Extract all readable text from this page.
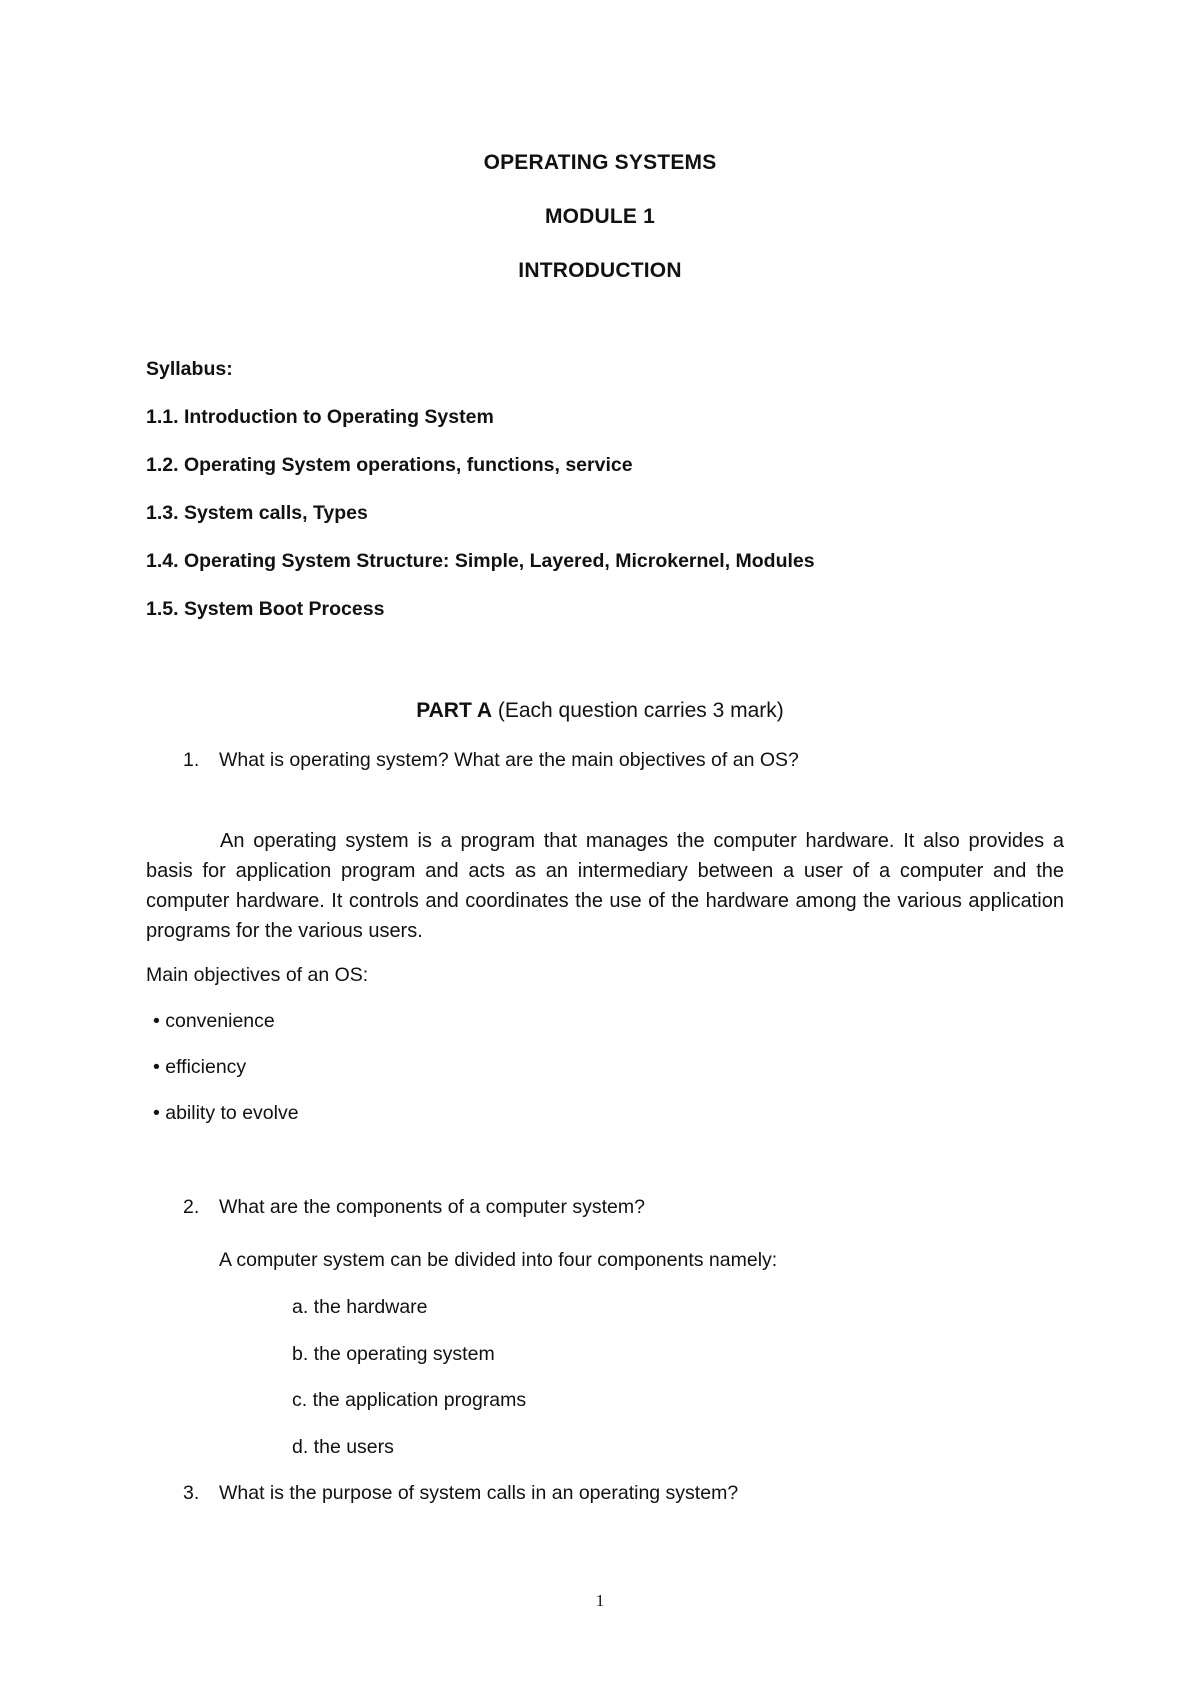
OPERATING SYSTEMS
MODULE 1
INTRODUCTION
Syllabus:
1.1. Introduction to Operating System
1.2. Operating System operations, functions, service
1.3. System calls, Types
1.4. Operating System Structure: Simple, Layered, Microkernel, Modules
1.5. System Boot Process
PART A (Each question carries 3 mark)
1. What is operating system? What are the main objectives of an OS?
An operating system is a program that manages the computer hardware. It also provides a basis for application program and acts as an intermediary between a user of a computer and the computer hardware. It controls and coordinates the use of the hardware among the various application programs for the various users.
Main objectives of an OS:
• convenience
• efficiency
• ability to evolve
2. What are the components of a computer system?
A computer system can be divided into four components namely:
a. the hardware
b. the operating system
c. the application programs
d. the users
3. What is the purpose of system calls in an operating system?
1
